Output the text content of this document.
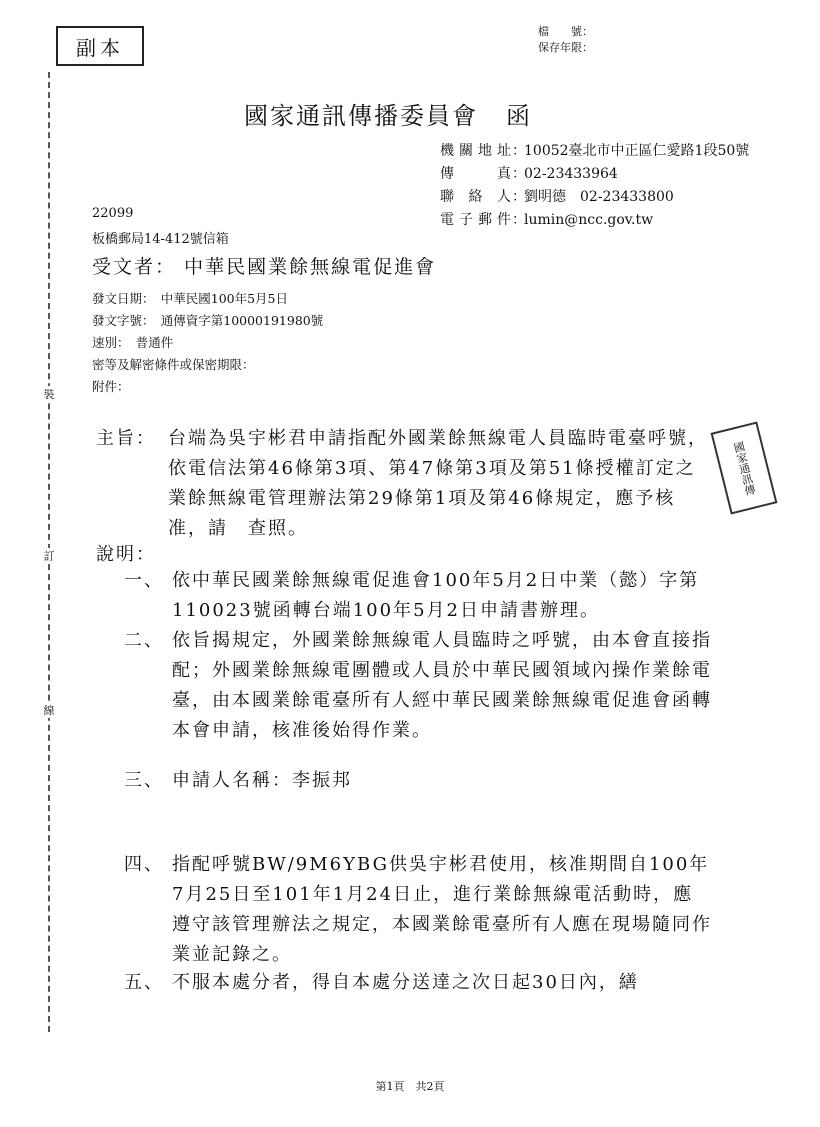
副本
檔　　號：
保存年限：
裝
訂
線
國家通訊傳播委員會 函
機關地址 ：
10052臺北市中正區仁愛路1段50號
傳真 ：
02-23433964
聯絡人 ：
劉明德　02-23433800
電子郵件 ：
lumin@ncc.gov.tw
22099
板橋郵局14-412號信箱
受文者： 中華民國業餘無線電促進會
發文日期：　中華民國100年5月5日
發文字號：　通傳資字第10000191980號
速別：　普通件
密等及解密條件或保密期限：
附件：
主旨： 台端為吳宇彬君申請指配外國業餘無線電人員臨時電臺呼號，依電信法第46條第3項、第47條第3項及第51條授權訂定之業餘無線電管理辦法第29條第1項及第46條規定，應予核准，請　查照。
國家通訊傳
說明：
一、 依中華民國業餘無線電促進會100年5月2日中業（懿）字第110023號函轉台端100年5月2日申請書辦理。
二、 依旨揭規定，外國業餘無線電人員臨時之呼號，由本會直接指配；外國業餘無線電團體或人員於中華民國領域內操作業餘電臺，由本國業餘電臺所有人經中華民國業餘無線電促進會函轉本會申請，核准後始得作業。
三、 申請人名稱：李振邦
四、 指配呼號BW/9M6YBG供吳宇彬君使用，核准期間自100年7月25日至101年1月24日止，進行業餘無線電活動時，應遵守該管理辦法之規定，本國業餘電臺所有人應在現場隨同作業並記錄之。
五、 不服本處分者，得自本處分送達之次日起30日內，繕
第1頁　共2頁
